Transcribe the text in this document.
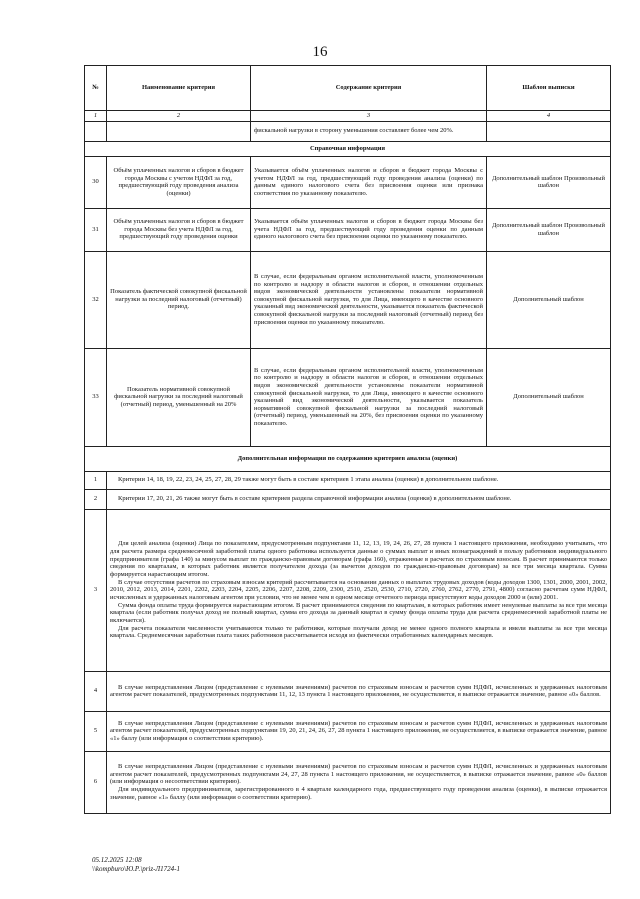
16
№	Наименование критерия	Содержание критерия	Шаблон выписки
1	2	3	4
		фискальной нагрузки в сторону уменьшения составляет более чем 20%.	
Справочная информация			
30	Объём уплаченных налогов и сборов в бюджет города Москвы с учетом НДФЛ за год, предшествующий году проведения анализа (оценки)	Указывается объём уплаченных налогов и сборов в бюджет города Москвы с учетом НДФЛ за год, предшествующий году проведения анализа (оценки) по данным единого налогового счета без присвоения оценки или признака соответствия по указанному показателю.	Дополнительный шаблон Произвольный шаблон
31	Объём уплаченных налогов и сборов в бюджет города Москвы без учета НДФЛ за год, предшествующий году проведения оценки	Указывается объём уплаченных налогов и сборов в бюджет города Москвы без учета НДФЛ за год, предшествующий году проведения оценки по данным единого налогового счета без присвоения оценки по указанному показателю.	Дополнительный шаблон Произвольный шаблон
32	Показатель фактической совокупной фискальной нагрузки за последний налоговый (отчетный) период.	В случае, если федеральным органом исполнительной власти, уполномоченным по контролю и надзору в области налогов и сборов, в отношении отдельных видов экономической деятельности установлены показатели нормативной совокупной фискальной нагрузки, то для Лица, имеющего в качестве основного указанный вид экономической деятельности, указывается показатель фактической совокупной фискальной нагрузки за последний налоговый (отчетный) период без присвоения оценки по указанному показателю.	Дополнительный шаблон
33	Показатель нормативной совокупной фискальной нагрузки за последний налоговый (отчетный) период, уменьшенный на 20%	В случае, если федеральным органом исполнительной власти, уполномоченным по контролю и надзору в области налогов и сборов, в отношении отдельных видов экономической деятельности установлены показатели нормативной совокупной фискальной нагрузки, то для Лица, имеющего в качестве основного указанный вид экономической деятельности, указывается показатель нормативной совокупной фискальной нагрузки за последний налоговый (отчетный) период, уменьшенный на 20%, без присвоения оценки по указанному показателю.	Дополнительный шаблон
Дополнительная информация по содержанию критериев анализа (оценки)			
1	Критерии 14, 18, 19, 22, 23, 24, 25, 27, 28, 29 также могут быть в составе критериев 1 этапа анализа (оценки) в дополнительном шаблоне.		

2	Критерии 17, 20, 21, 26 также могут быть в составе критериев раздела справочной информации анализа (оценки) в дополнительном шаблоне.		

3	Для целей анализа (оценки) Лица по показателям, предусмотренным подпунктами 11, 12, 13, 19, 24, 26, 27, 28 пункта 1 настоящего приложения, необходимо учитывать, что для расчета размера среднемесячной заработной платы одного работника используется данные о суммах выплат и иных вознаграждений в пользу работников индивидуального предпринимателя (графа 140) за минусом выплат по гражданско-правовым договорам (графа 160), отраженные в расчетах по страховым взносам. В расчет принимаются только сведения по кварталам, в которых работник является получателем дохода (за вычетом доходов по гражданско-правовым договорам) за все три месяца квартала. Сумма формируется нарастающим итогом.

В случае отсутствия расчетов по страховым взносам критерий рассчитывается на основании данных о выплатах трудовых доходов (коды доходов 1300, 1301, 2000, 2001, 2002, 2010, 2012, 2013, 2014, 2201, 2202, 2203, 2204, 2205, 2206, 2207, 2208, 2209, 2300, 2510, 2520, 2530, 2710, 2720, 2760, 2762, 2770, 2791, 4800) согласно расчетам сумм НДФЛ, исчисленных и удержанных налоговым агентом при условии, что не менее чем в одном месяце отчетного периода присутствуют коды доходов 2000 и (или) 2001.

Сумма фонда оплаты труда формируется нарастающим итогом. В расчет принимаются сведения по кварталам, в которых работник имеет ненулевые выплаты за все три месяца квартала (если работник получал доход не полный квартал, сумма его дохода за данный квартал в сумму фонда оплаты труда для расчета среднемесячной заработной платы не включается).

Для расчета показателя численности учитываются только те работники, которые получали доход не менее одного полного квартала и имели выплаты за все три месяца квартала. Среднемесячная заработная плата таких работников рассчитывается исходя из фактически отработанных календарных месяцев.		

4	В случае непредставления Лицом (представление с нулевыми значениями) расчетов по страховым взносам и расчетов сумм НДФЛ, исчисленных и удержанных налоговым агентом расчет показателей, предусмотренных подпунктами 11, 12, 13 пункта 1 настоящего приложения, не осуществляется, в выписке отражается значение, равное «0» баллов.		

5	В случае непредставления Лицом (представление с нулевыми значениями) расчетов по страховым взносам и расчетов сумм НДФЛ, исчисленных и удержанных налоговым агентом расчет показателей, предусмотренных подпунктами 19, 20, 21, 24, 26, 27, 28 пункта 1 настоящего приложения, не осуществляется, в выписке отражается значение, равное «1» баллу (или информация о соответствии критерию).		

6	В случае непредставления Лицом (представление с нулевыми значениями) расчетов по страховым взносам и расчетов сумм НДФЛ, исчисленных и удержанных налоговым агентом расчет показателей, предусмотренных подпунктами 24, 27, 28 пункта 1 настоящего приложения, не осуществляется, в выписке отражается значение, равное «0» баллов (или информация о несоответствии критерию).

Для индивидуального предпринимателя, зарегистрированного в 4 квартале календарного года, предшествующего году проведения анализа (оценки), в выписке отражается значение, равное «1» баллу (или информация о соответствии критерию).		

05.12.2025 12:08
\\kompburo\Ю.Р.\priz-Л1724-1
